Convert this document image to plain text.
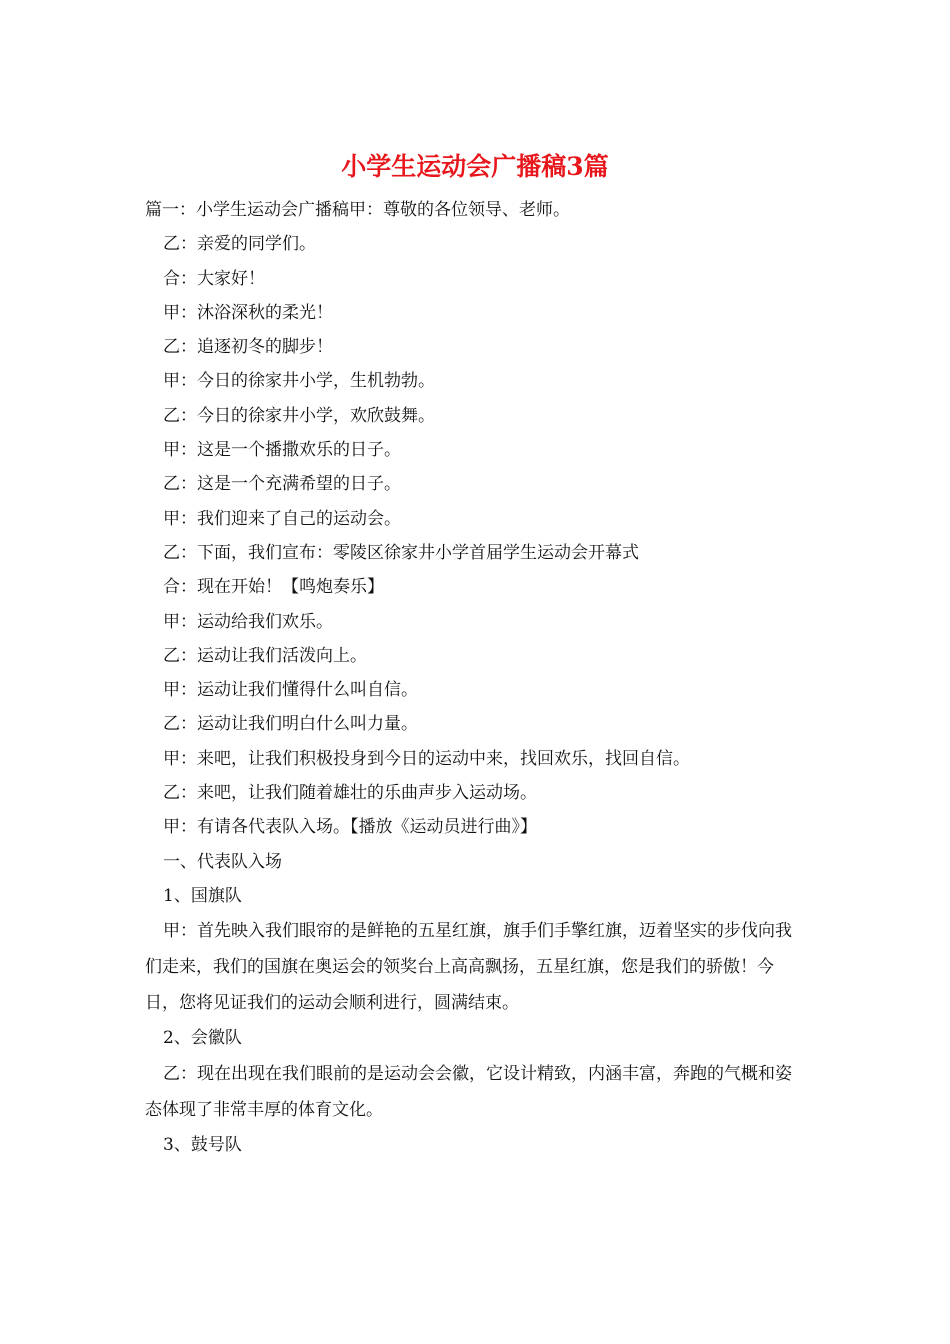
小学生运动会广播稿3篇

篇一：小学生运动会广播稿甲：尊敬的各位领导、老师。

乙：亲爱的同学们。

合：大家好！

甲：沐浴深秋的柔光！

乙：追逐初冬的脚步！

甲：今日的徐家井小学，生机勃勃。

乙：今日的徐家井小学，欢欣鼓舞。

甲：这是一个播撒欢乐的日子。

乙：这是一个充满希望的日子。

甲：我们迎来了自己的运动会。

乙：下面，我们宣布：零陵区徐家井小学首届学生运动会开幕式

合：现在开始！【鸣炮奏乐】

甲：运动给我们欢乐。

乙：运动让我们活泼向上。

甲：运动让我们懂得什么叫自信。

乙：运动让我们明白什么叫力量。

甲：来吧，让我们积极投身到今日的运动中来，找回欢乐，找回自信。

乙：来吧，让我们随着雄壮的乐曲声步入运动场。

甲：有请各代表队入场。【播放《运动员进行曲》】

一、代表队入场

1、国旗队

甲：首先映入我们眼帘的是鲜艳的五星红旗，旗手们手擎红旗，迈着坚实的步伐向我们走来，我们的国旗在奥运会的领奖台上高高飘扬，五星红旗，您是我们的骄傲！今日，您将见证我们的运动会顺利进行，圆满结束。

2、会徽队

乙：现在出现在我们眼前的是运动会会徽，它设计精致，内涵丰富，奔跑的气概和姿态体现了非常丰厚的体育文化。

3、鼓号队
